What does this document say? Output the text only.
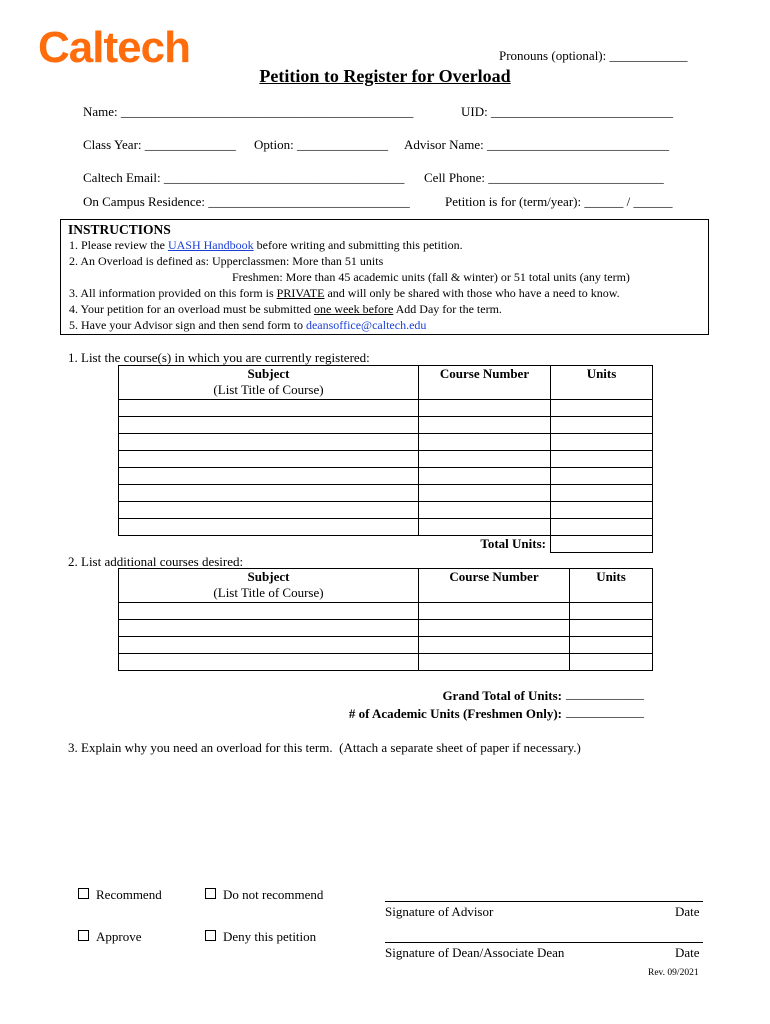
Caltech	Pronouns (optional): ____________
Petition to Register for Overload
Name: _____________________________________________	UID: ____________________________
Class Year: ______________ Option: ______________ Advisor Name: ____________________________
Caltech Email: _____________________________________ Cell Phone: ___________________________
On Campus Residence: _______________________________	Petition is for (term/year): ______ / ______
INSTRUCTIONS
1. Please review the UASH Handbook before writing and submitting this petition.
2. An Overload is defined as: Upperclassmen: More than 51 units
Freshmen: More than 45 academic units (fall & winter) or 51 total units (any term)
3. All information provided on this form is PRIVATE and will only be shared with those who have a need to know.
4. Your petition for an overload must be submitted one week before Add Day for the term.
5. Have your Advisor sign and then send form to deansoffice@caltech.edu
1. List the course(s) in which you are currently registered:
Subject
(List Title of Course)	Course Number	Units

	Total Units:	
2. List additional courses desired:
Subject
(List Title of Course)	Course Number	Units

Grand Total of Units: ____________
# of Academic Units (Freshmen Only): ____________
3. Explain why you need an overload for this term.  (Attach a separate sheet of paper if necessary.)
Recommend	Do not recommend
Approve	Deny this petition
Signature of Advisor	Date
Signature of Dean/Associate Dean	Date
Rev. 09/2021
